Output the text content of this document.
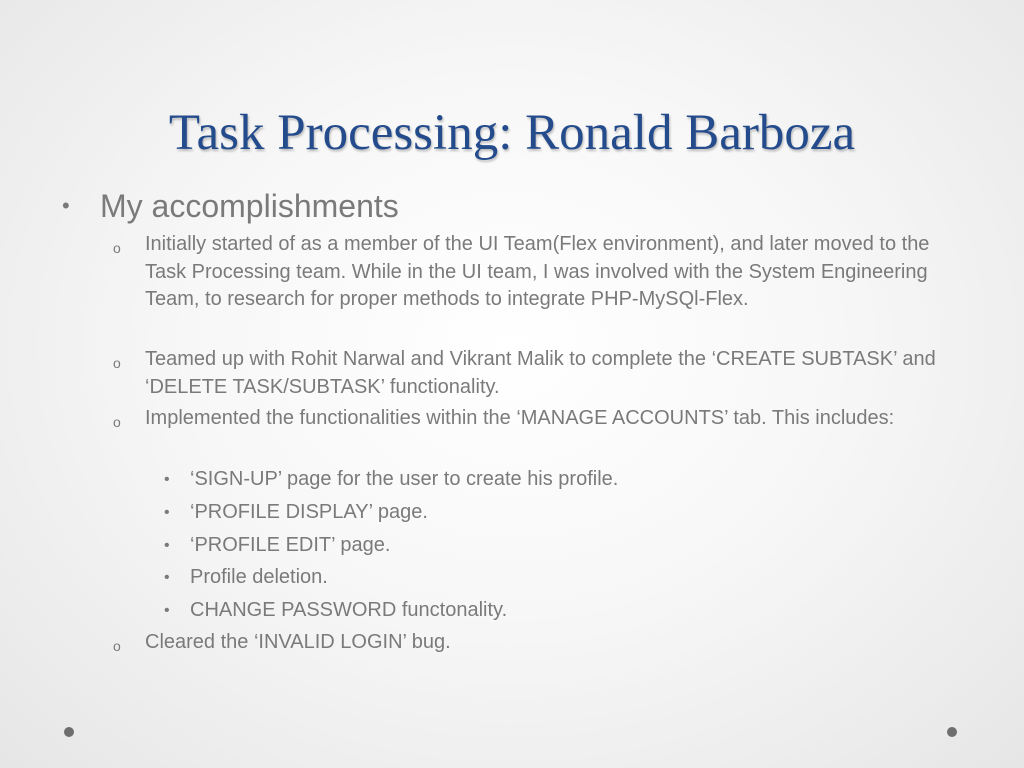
Task Processing: Ronald Barboza
• My accomplishments
o Initially started of as a member of the UI Team(Flex environment), and later moved to the Task Processing team. While in the UI team, I was involved with the System Engineering Team, to research for proper methods to integrate PHP-MySQl-Flex.
o Teamed up with Rohit Narwal and Vikrant Malik to complete the ‘CREATE SUBTASK’ and ‘DELETE TASK/SUBTASK’ functionality.
o Implemented the functionalities within the ‘MANAGE ACCOUNTS’ tab. This includes:
• ‘SIGN-UP’ page for the user to create his profile.
• ‘PROFILE DISPLAY’ page.
• ‘PROFILE EDIT’ page.
• Profile deletion.
• CHANGE PASSWORD functonality.
o Cleared the ‘INVALID LOGIN’ bug.
